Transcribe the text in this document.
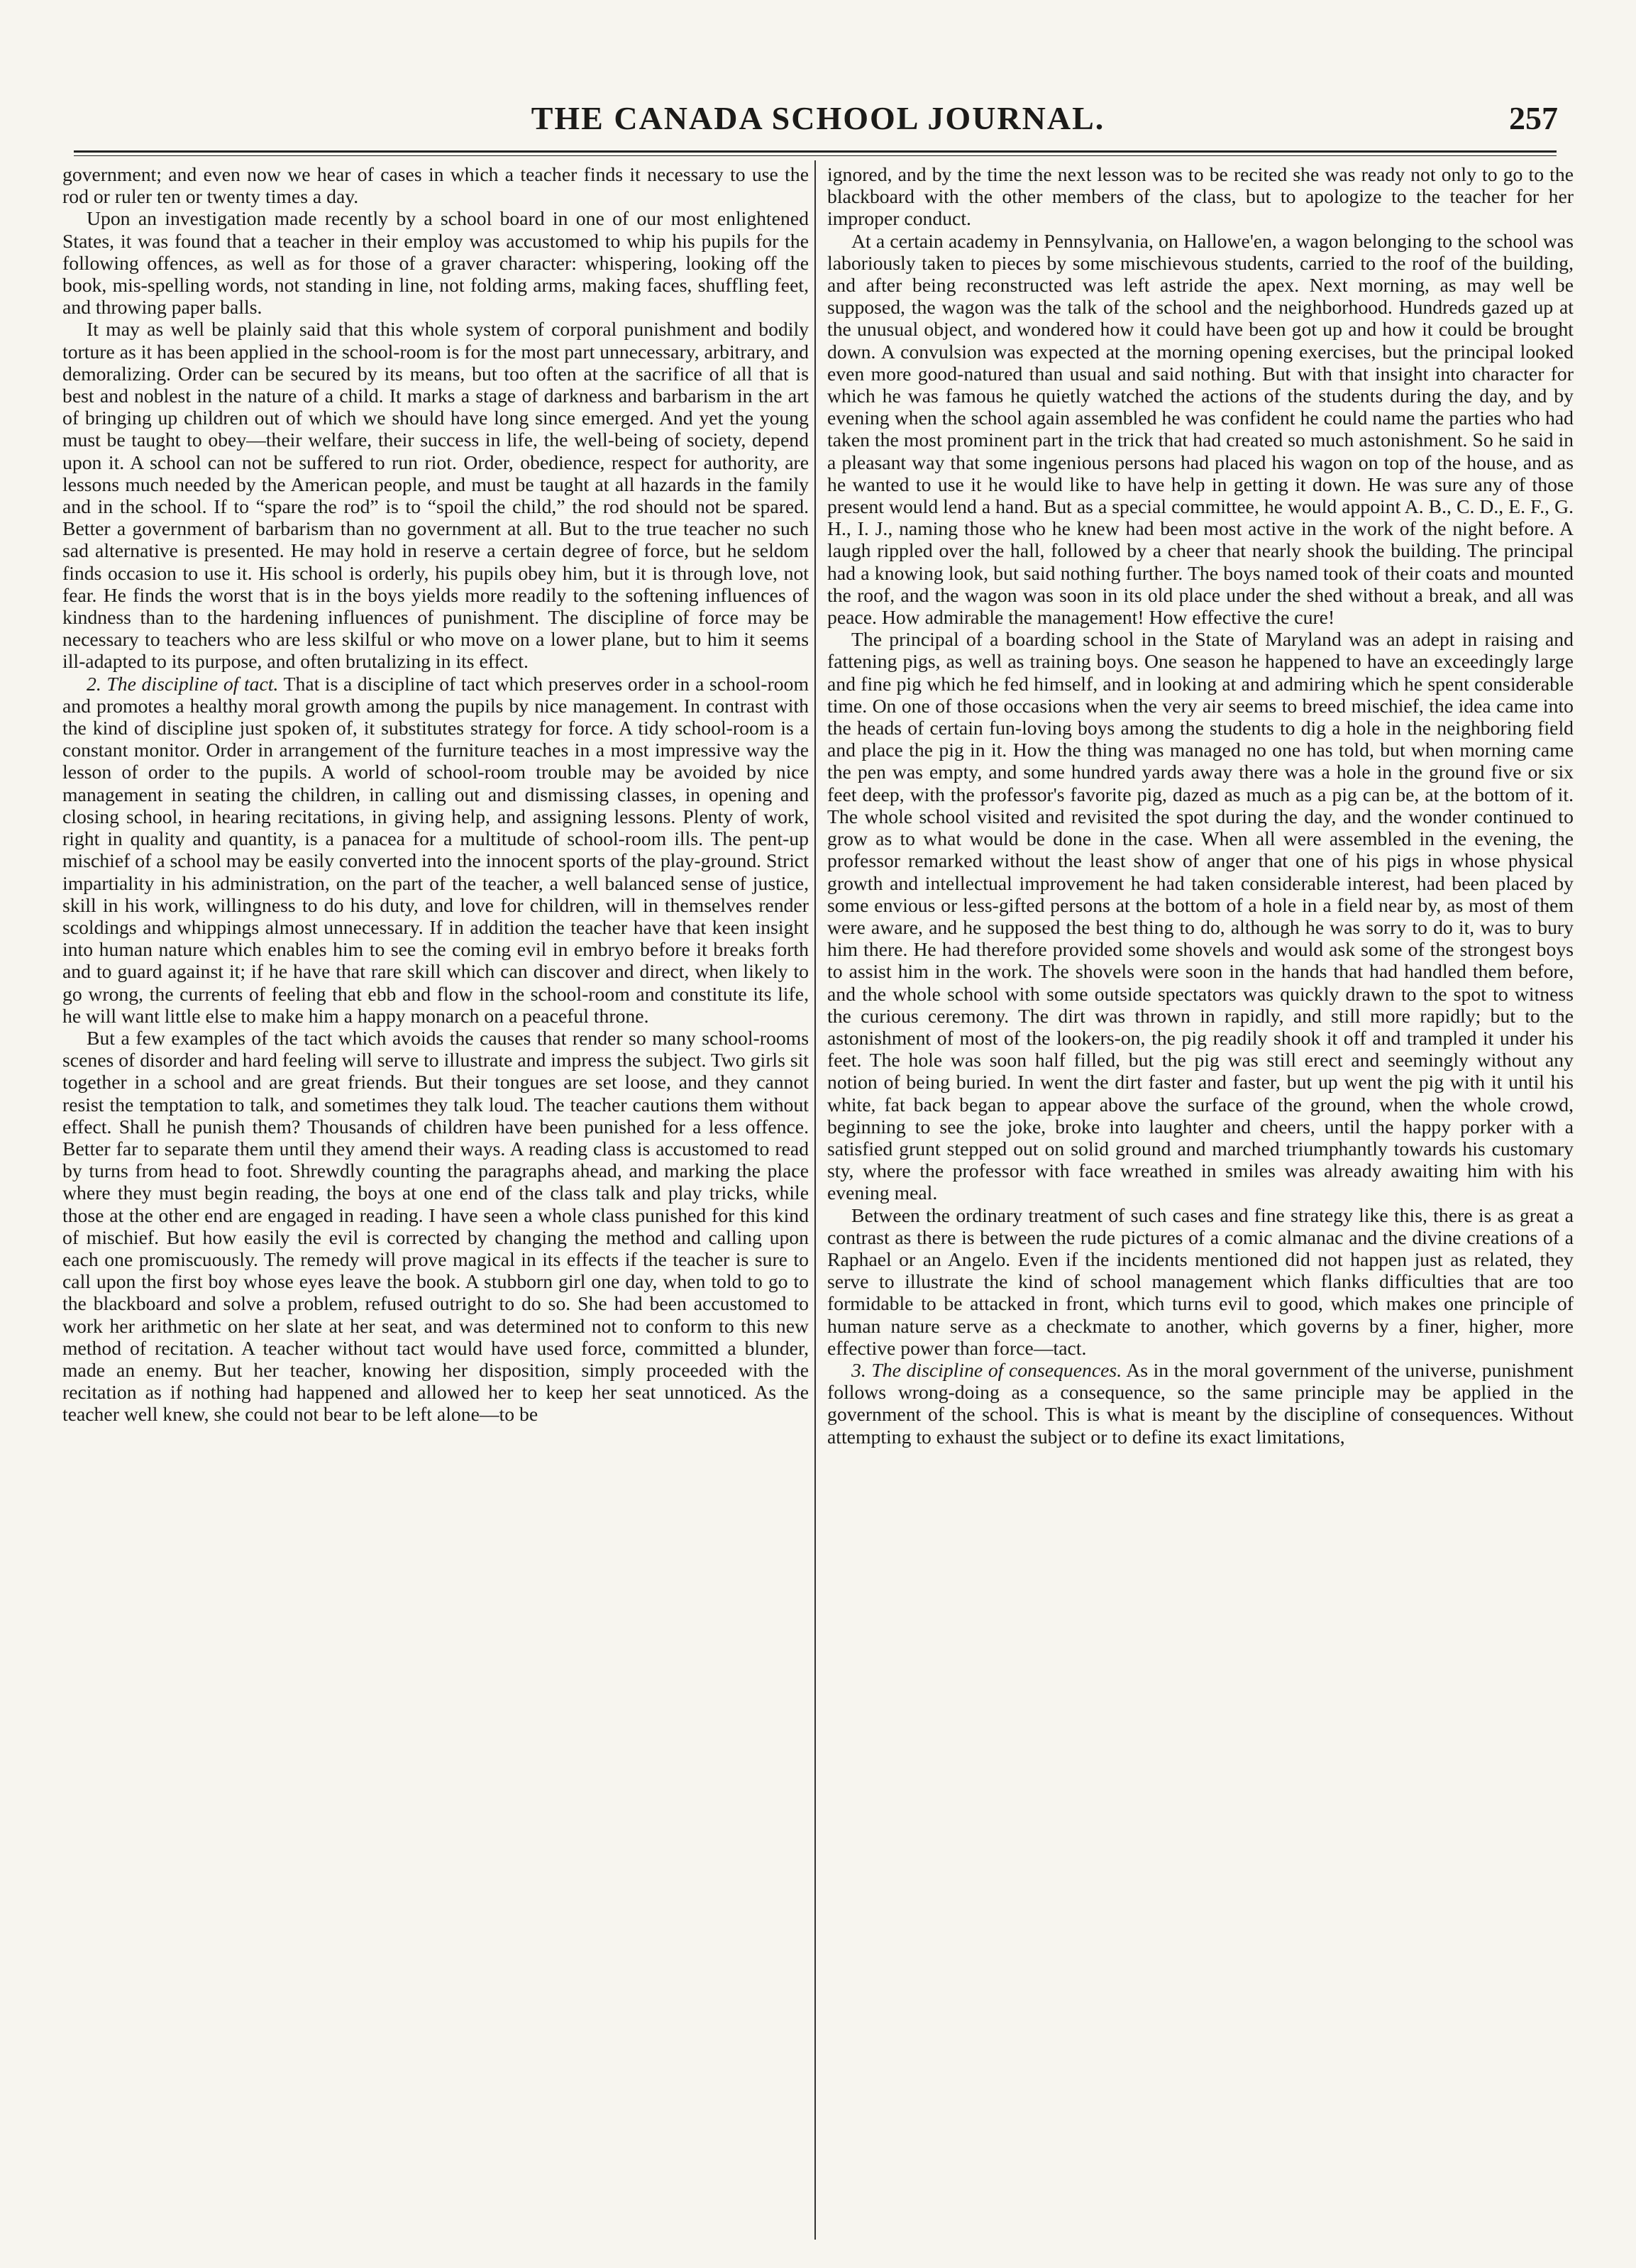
THE CANADA SCHOOL JOURNAL.	257

government; and even now we hear of cases in which a teacher finds it necessary to use the rod or ruler ten or twenty times a day.

Upon an investigation made recently by a school board in one of our most enlightened States, it was found that a teacher in their employ was accustomed to whip his pupils for the following offences, as well as for those of a graver character: whispering, looking off the book, mis-spelling words, not standing in line, not folding arms, making faces, shuffling feet, and throwing paper balls.

It may as well be plainly said that this whole system of corporal punishment and bodily torture as it has been applied in the school-room is for the most part unnecessary, arbitrary, and demoralizing. Order can be secured by its means, but too often at the sacrifice of all that is best and noblest in the nature of a child. It marks a stage of darkness and barbarism in the art of bringing up children out of which we should have long since emerged. And yet the young must be taught to obey—their welfare, their success in life, the well-being of society, depend upon it. A school can not be suffered to run riot. Order, obedience, respect for authority, are lessons much needed by the American people, and must be taught at all hazards in the family and in the school. If to “spare the rod” is to “spoil the child,” the rod should not be spared. Better a government of barbarism than no government at all. But to the true teacher no such sad alternative is presented. He may hold in reserve a certain degree of force, but he seldom finds occasion to use it. His school is orderly, his pupils obey him, but it is through love, not fear. He finds the worst that is in the boys yields more readily to the softening influences of kindness than to the hardening influences of punishment. The discipline of force may be necessary to teachers who are less skilful or who move on a lower plane, but to him it seems ill-adapted to its purpose, and often brutalizing in its effect.

2. The discipline of tact. That is a discipline of tact which preserves order in a school-room and promotes a healthy moral growth among the pupils by nice management. In contrast with the kind of discipline just spoken of, it substitutes strategy for force. A tidy school-room is a constant monitor. Order in arrangement of the furniture teaches in a most impressive way the lesson of order to the pupils. A world of school-room trouble may be avoided by nice management in seating the children, in calling out and dismissing classes, in opening and closing school, in hearing recitations, in giving help, and assigning lessons. Plenty of work, right in quality and quantity, is a panacea for a multitude of school-room ills. The pent-up mischief of a school may be easily converted into the innocent sports of the play-ground. Strict impartiality in his administration, on the part of the teacher, a well balanced sense of justice, skill in his work, willingness to do his duty, and love for children, will in themselves render scoldings and whippings almost unnecessary. If in addition the teacher have that keen insight into human nature which enables him to see the coming evil in embryo before it breaks forth and to guard against it; if he have that rare skill which can discover and direct, when likely to go wrong, the currents of feeling that ebb and flow in the school-room and constitute its life, he will want little else to make him a happy monarch on a peaceful throne.

But a few examples of the tact which avoids the causes that render so many school-rooms scenes of disorder and hard feeling will serve to illustrate and impress the subject. Two girls sit together in a school and are great friends. But their tongues are set loose, and they cannot resist the temptation to talk, and sometimes they talk loud. The teacher cautions them without effect. Shall he punish them? Thousands of children have been punished for a less offence. Better far to separate them until they amend their ways. A reading class is accustomed to read by turns from head to foot. Shrewdly counting the paragraphs ahead, and marking the place where they must begin reading, the boys at one end of the class talk and play tricks, while those at the other end are engaged in reading. I have seen a whole class punished for this kind of mischief. But how easily the evil is corrected by changing the method and calling upon each one promiscuously. The remedy will prove magical in its effects if the teacher is sure to call upon the first boy whose eyes leave the book. A stubborn girl one day, when told to go to the blackboard and solve a problem, refused outright to do so. She had been accustomed to work her arithmetic on her slate at her seat, and was determined not to conform to this new method of recitation. A teacher without tact would have used force, committed a blunder, made an enemy. But her teacher, knowing her disposition, simply proceeded with the recitation as if nothing had happened and allowed her to keep her seat unnoticed. As the teacher well knew, she could not bear to be left alone—to be

ignored, and by the time the next lesson was to be recited she was ready not only to go to the blackboard with the other members of the class, but to apologize to the teacher for her improper conduct.

At a certain academy in Pennsylvania, on Hallowe'en, a wagon belonging to the school was laboriously taken to pieces by some mischievous students, carried to the roof of the building, and after being reconstructed was left astride the apex. Next morning, as may well be supposed, the wagon was the talk of the school and the neighborhood. Hundreds gazed up at the unusual object, and wondered how it could have been got up and how it could be brought down. A convulsion was expected at the morning opening exercises, but the principal looked even more good-natured than usual and said nothing. But with that insight into character for which he was famous he quietly watched the actions of the students during the day, and by evening when the school again assembled he was confident he could name the parties who had taken the most prominent part in the trick that had created so much astonishment. So he said in a pleasant way that some ingenious persons had placed his wagon on top of the house, and as he wanted to use it he would like to have help in getting it down. He was sure any of those present would lend a hand. But as a special committee, he would appoint A. B., C. D., E. F., G. H., I. J., naming those who he knew had been most active in the work of the night before. A laugh rippled over the hall, followed by a cheer that nearly shook the building. The principal had a knowing look, but said nothing further. The boys named took of their coats and mounted the roof, and the wagon was soon in its old place under the shed without a break, and all was peace. How admirable the management! How effective the cure!

The principal of a boarding school in the State of Maryland was an adept in raising and fattening pigs, as well as training boys. One season he happened to have an exceedingly large and fine pig which he fed himself, and in looking at and admiring which he spent considerable time. On one of those occasions when the very air seems to breed mischief, the idea came into the heads of certain fun-loving boys among the students to dig a hole in the neighboring field and place the pig in it. How the thing was managed no one has told, but when morning came the pen was empty, and some hundred yards away there was a hole in the ground five or six feet deep, with the professor's favorite pig, dazed as much as a pig can be, at the bottom of it. The whole school visited and revisited the spot during the day, and the wonder continued to grow as to what would be done in the case. When all were assembled in the evening, the professor remarked without the least show of anger that one of his pigs in whose physical growth and intellectual improvement he had taken considerable interest, had been placed by some envious or less-gifted persons at the bottom of a hole in a field near by, as most of them were aware, and he supposed the best thing to do, although he was sorry to do it, was to bury him there. He had therefore provided some shovels and would ask some of the strongest boys to assist him in the work. The shovels were soon in the hands that had handled them before, and the whole school with some outside spectators was quickly drawn to the spot to witness the curious ceremony. The dirt was thrown in rapidly, and still more rapidly; but to the astonishment of most of the lookers-on, the pig readily shook it off and trampled it under his feet. The hole was soon half filled, but the pig was still erect and seemingly without any notion of being buried. In went the dirt faster and faster, but up went the pig with it until his white, fat back began to appear above the surface of the ground, when the whole crowd, beginning to see the joke, broke into laughter and cheers, until the happy porker with a satisfied grunt stepped out on solid ground and marched triumphantly towards his customary sty, where the professor with face wreathed in smiles was already awaiting him with his evening meal.

Between the ordinary treatment of such cases and fine strategy like this, there is as great a contrast as there is between the rude pictures of a comic almanac and the divine creations of a Raphael or an Angelo. Even if the incidents mentioned did not happen just as related, they serve to illustrate the kind of school management which flanks difficulties that are too formidable to be attacked in front, which turns evil to good, which makes one principle of human nature serve as a checkmate to another, which governs by a finer, higher, more effective power than force—tact.

3. The discipline of consequences. As in the moral government of the universe, punishment follows wrong-doing as a consequence, so the same principle may be applied in the government of the school. This is what is meant by the discipline of consequences. Without attempting to exhaust the subject or to define its exact limitations,
